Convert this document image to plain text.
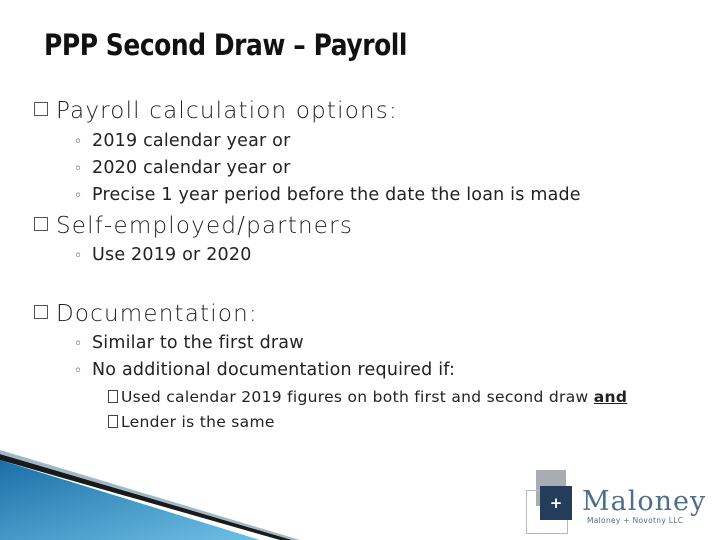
PPP Second Draw – Payroll
Payroll calculation options:
◦ 2019 calendar year or
◦ 2020 calendar year or
◦ Precise 1 year period before the date the loan is made
Self-employed/partners
◦ Use 2019 or 2020
Documentation:
◦ Similar to the first draw
◦ No additional documentation required if:
Used calendar 2019 figures on both first and second draw and
Lender is the same
+ Maloney
Maloney + Novotny LLC
